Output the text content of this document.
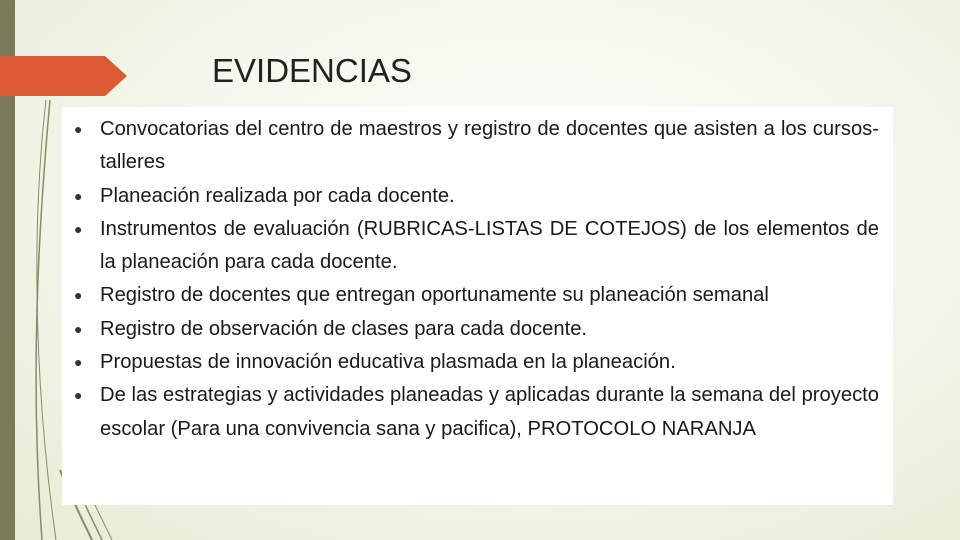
EVIDENCIAS
● Convocatorias del centro de maestros y registro de docentes que asisten a los cursos-talleres
● Planeación realizada por cada docente.
● Instrumentos de evaluación (RUBRICAS-LISTAS DE COTEJOS) de los elementos de la planeación para cada docente.
● Registro de docentes que entregan oportunamente su planeación semanal
● Registro de observación de clases para cada docente.
● Propuestas de innovación educativa plasmada en la planeación.
● De las estrategias y actividades planeadas y aplicadas durante la semana del proyecto escolar (Para una convivencia sana y pacifica), PROTOCOLO NARANJA
